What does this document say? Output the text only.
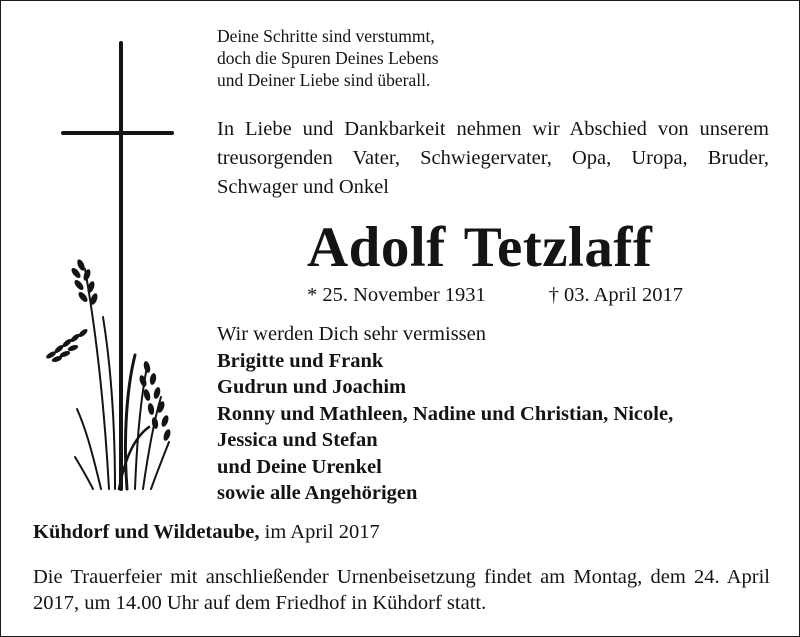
Deine Schritte sind verstummt,
doch die Spuren Deines Lebens
und Deiner Liebe sind überall.
In Liebe und Dankbarkeit nehmen wir Abschied von unserem treusorgenden Vater, Schwiegervater, Opa, Uropa, Bruder, Schwager und Onkel
Adolf Tetzlaff
* 25. November 1931	† 03. April 2017
Wir werden Dich sehr vermissen
Brigitte und Frank
Gudrun und Joachim
Ronny und Mathleen, Nadine und Christian, Nicole,
Jessica und Stefan
und Deine Urenkel
sowie alle Angehörigen
Kühdorf und Wildetaube, im April 2017
Die Trauerfeier mit anschließender Urnenbeisetzung findet am Montag, dem 24. April 2017, um 14.00 Uhr auf dem Friedhof in Kühdorf statt.
